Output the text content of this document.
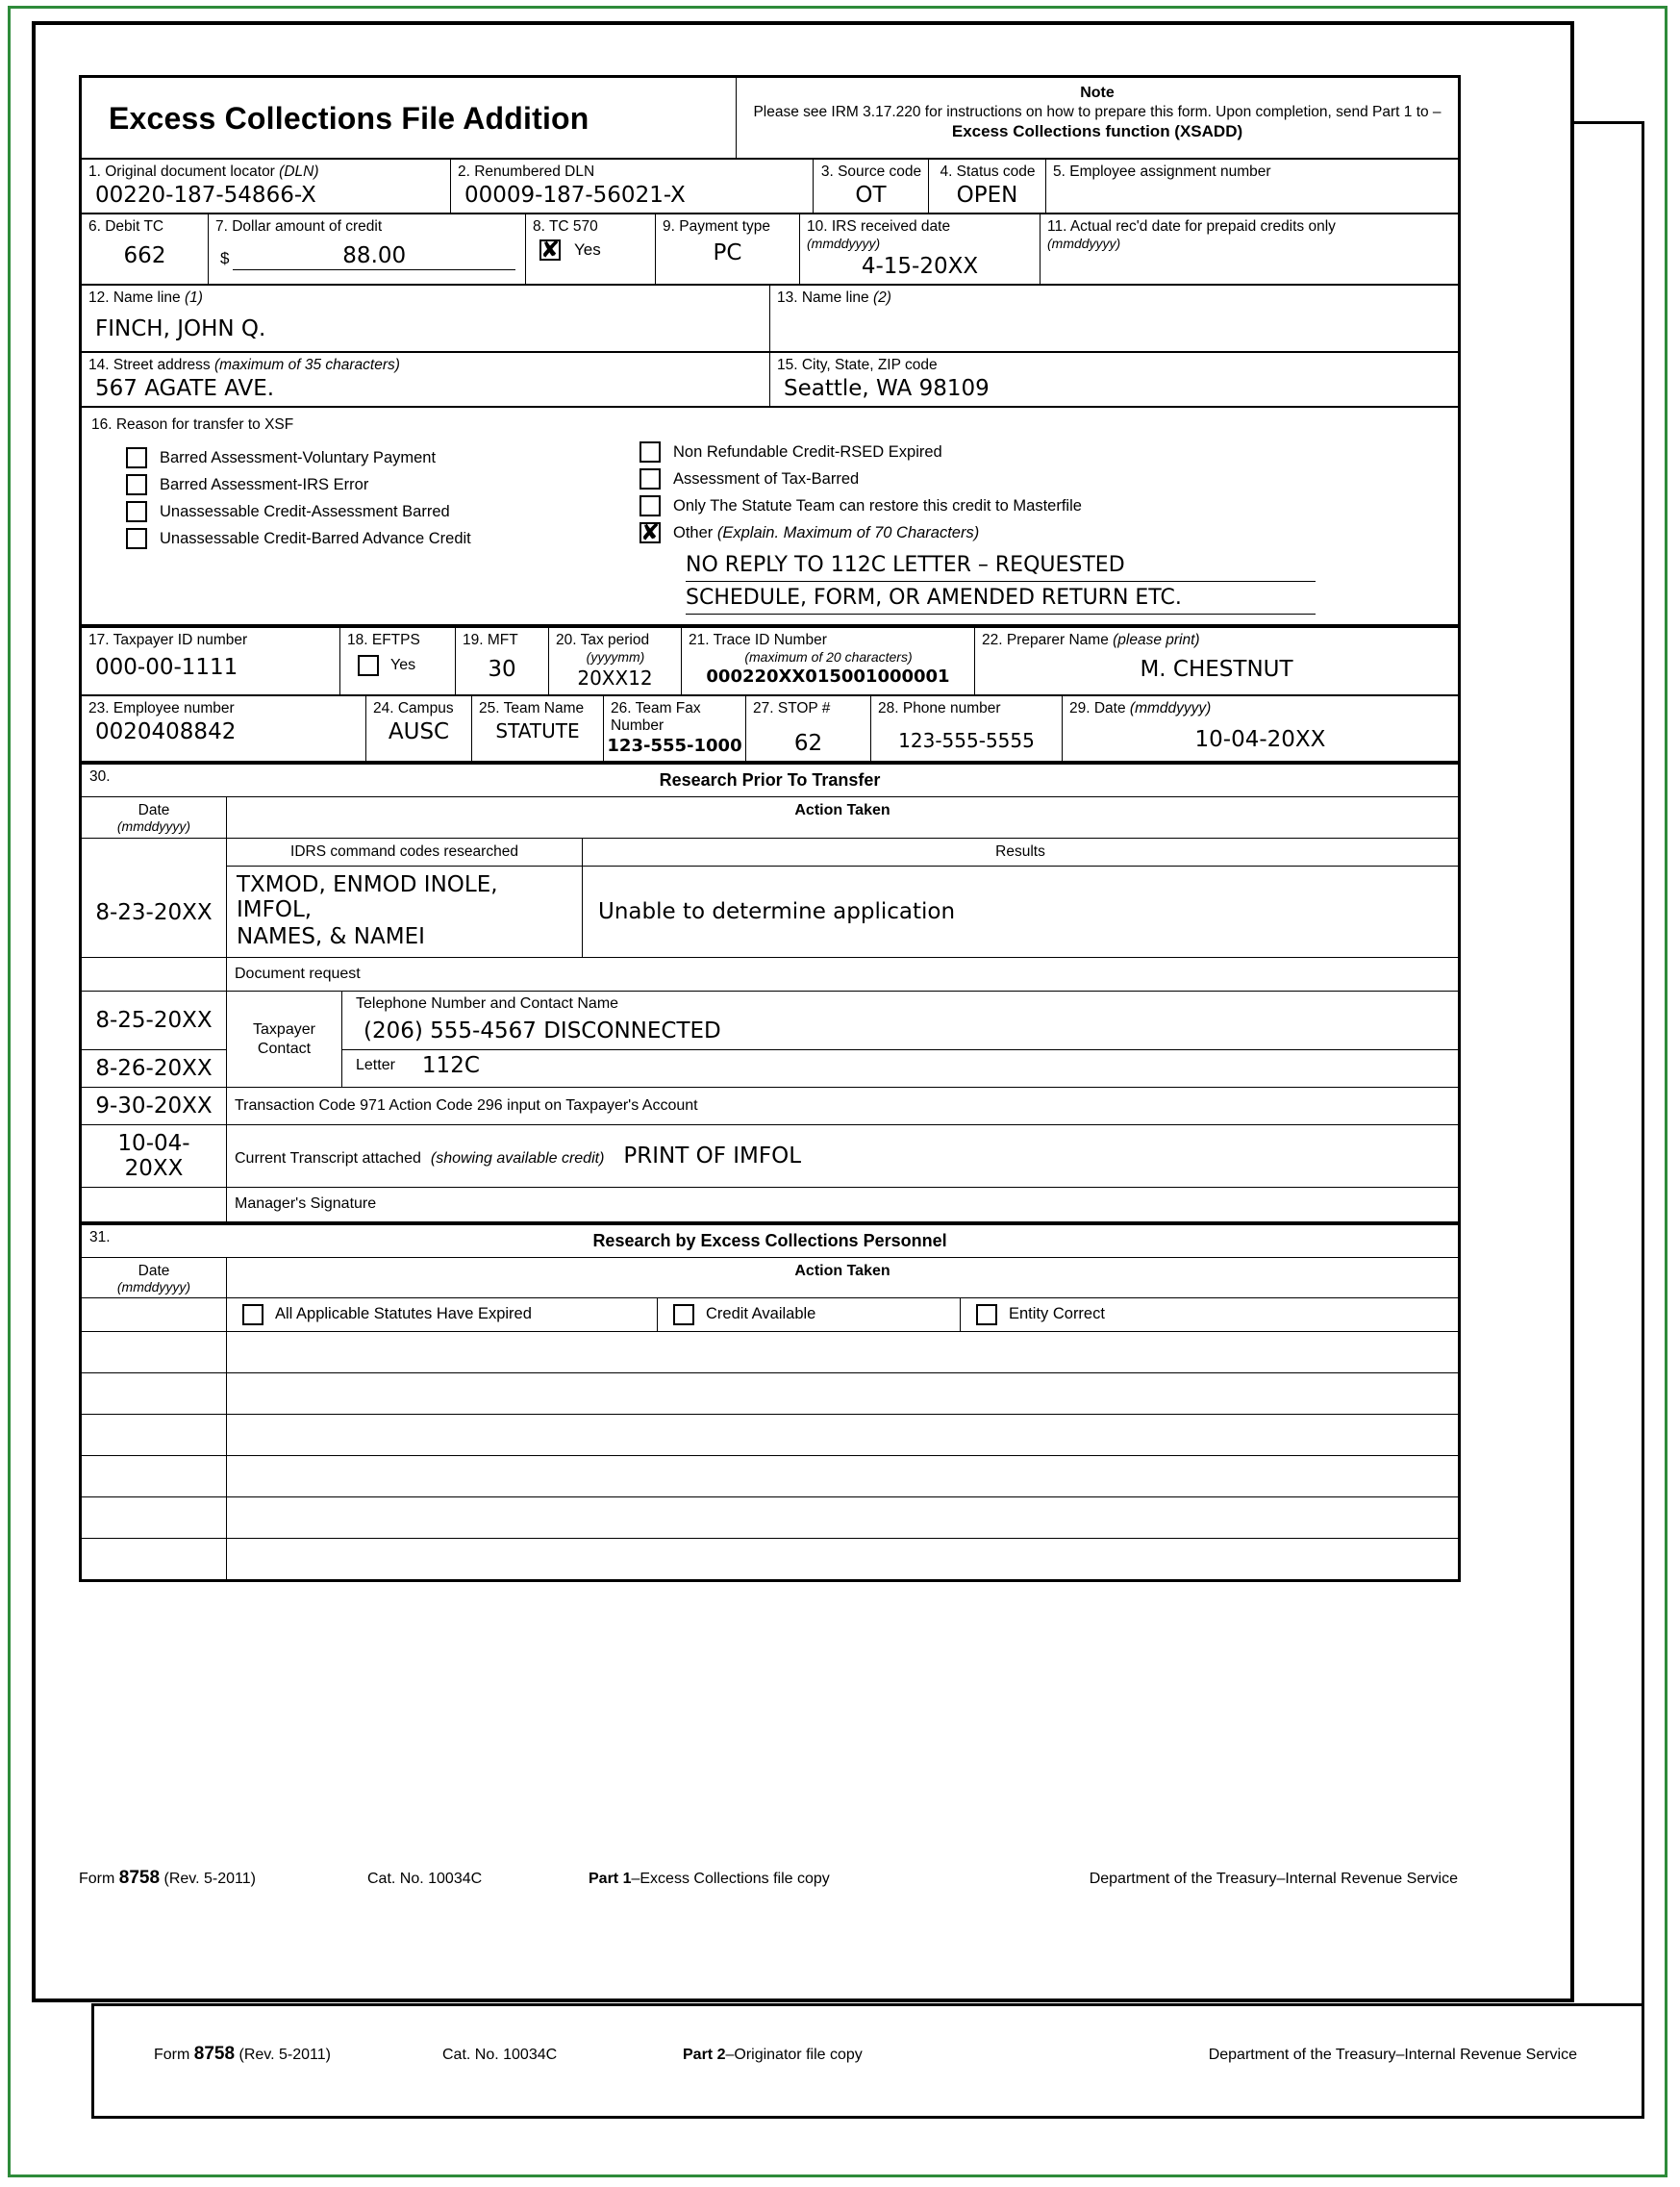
Excess Collections File Addition

Note
Please see IRM 3.17.220 for instructions on how to prepare this form. Upon completion, send Part 1 to –
Excess Collections function (XSADD)
1. Original document locator (DLN)
00220-187-54866-X

2. Renumbered DLN
00009-187-56021-X

3. Source code
OT

4. Status code
OPEN

5. Employee assignment number
6. Debit TC
662

7. Dollar amount of credit
$	88.00

8. TC 570
✘
Yes

9. Payment type
PC

10. IRS received date
(mmddyyyy)
4-15-20XX

11. Actual rec'd date for prepaid credits only
(mmddyyyy)
12. Name line (1)
FINCH, JOHN Q.

13. Name line (2)
14. Street address (maximum of 35 characters)
567 AGATE AVE.

15. City, State, ZIP code
Seattle, WA 98109
16. Reason for transfer to XSF
Barred Assessment-Voluntary Payment
Barred Assessment-IRS Error
Unassessable Credit-Assessment Barred
Unassessable Credit-Barred Advance Credit
Non Refundable Credit-RSED Expired
Assessment of Tax-Barred
Only The Statute Team can restore this credit to Masterfile
✘
Other (Explain. Maximum of 70 Characters)
NO REPLY TO 112C LETTER – REQUESTED
SCHEDULE, FORM, OR AMENDED RETURN ETC.
17. Taxpayer ID number
000-00-1111

18. EFTPS
Yes

19. MFT
30

20. Tax period

(yyyymm)
20XX12

21. Trace ID Number

(maximum of 20 characters)
000220XX015001000001

22. Preparer Name (please print)
M. CHESTNUT
23. Employee number
0020408842

24. Campus
AUSC

25. Team Name
STATUTE

26. Team Fax Number
123-555-1000

27. STOP #
62

28. Phone number
123-555-5555

29. Date (mmddyyyy)
10-04-20XX
30. Research Prior To Transfer			

Date
(mmddyyyy)	Action Taken		

8-23-20XX	IDRS command codes researched		Results

	TXMOD, ENMOD INOLE, IMFOL,
NAMES, & NAMEI		Unable to determine application

	Document request		

8-25-20XX	Taxpayer Contact	Telephone Number and Contact Name
(206) 555-4567 DISCONNECTED	

8-26-20XX		Letter 112C	

9-30-20XX	Transaction Code 971 Action Code 296 input on Taxpayer's Account		

10-04-20XX	Current Transcript attached (showing available credit) PRINT OF IMFOL		

	Manager's Signature		
31. Research by Excess Collections Personnel			

Date
(mmddyyyy)	Action Taken		

	All Applicable Statutes Have Expired	Credit Available	Entity Correct

Form 8758 (Rev. 5-2011)	Cat. No. 10034C	Part 1–Excess Collections file copy	Department of the Treasury–Internal Revenue Service
Form 8758 (Rev. 5-2011)	Cat. No. 10034C	Part 2–Originator file copy	Department of the Treasury–Internal Revenue Service
